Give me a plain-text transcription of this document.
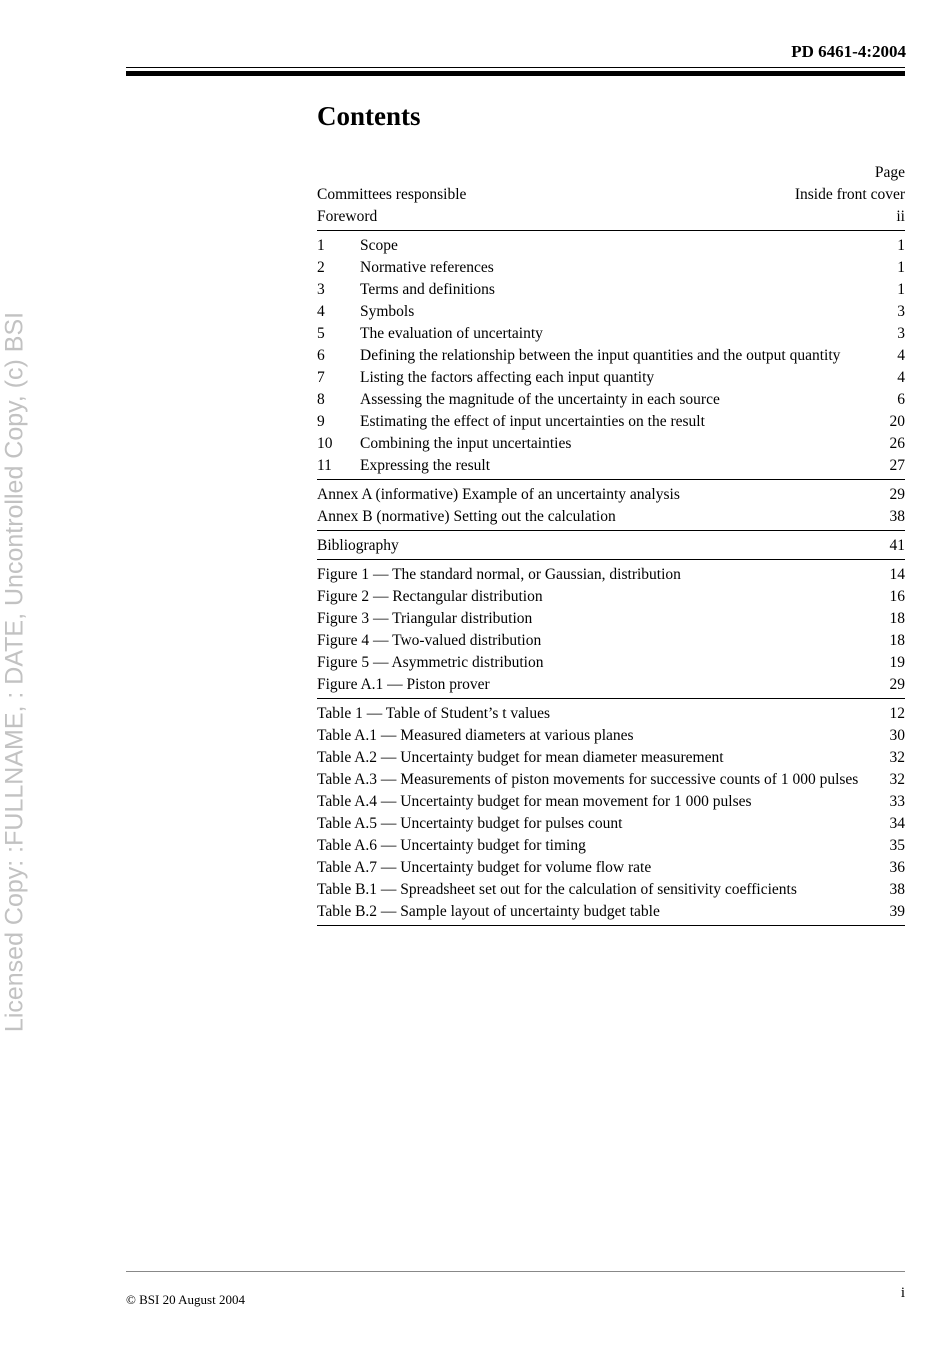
PD 6461-4:2004
Contents
Page
Committees responsible	Inside front cover
Foreword	ii
1	Scope	1
2	Normative references	1
3	Terms and definitions	1
4	Symbols	3
5	The evaluation of uncertainty	3
6	Defining the relationship between the input quantities and the output quantity	4
7	Listing the factors affecting each input quantity	4
8	Assessing the magnitude of the uncertainty in each source	6
9	Estimating the effect of input uncertainties on the result	20
10	Combining the input uncertainties	26
11	Expressing the result	27
Annex A (informative) Example of an uncertainty analysis	29
Annex B (normative) Setting out the calculation	38
Bibliography	41
Figure 1 — The standard normal, or Gaussian, distribution	14
Figure 2 — Rectangular distribution	16
Figure 3 — Triangular distribution	18
Figure 4 — Two-valued distribution	18
Figure 5 — Asymmetric distribution	19
Figure A.1 — Piston prover	29
Table 1 — Table of Student’s t values	12
Table A.1 — Measured diameters at various planes	30
Table A.2 — Uncertainty budget for mean diameter measurement	32
Table A.3 — Measurements of piston movements for successive counts of 1 000 pulses	32
Table A.4 — Uncertainty budget for mean movement for 1 000 pulses	33
Table A.5 — Uncertainty budget for pulses count	34
Table A.6 — Uncertainty budget for timing	35
Table A.7 — Uncertainty budget for volume flow rate	36
Table B.1 — Spreadsheet set out for the calculation of sensitivity coefficients	38
Table B.2 — Sample layout of uncertainty budget table	39
© BSI 20 August 2004	i
Licensed Copy: :FULLNAME, : DATE, Uncontrolled Copy, (c) BSI
